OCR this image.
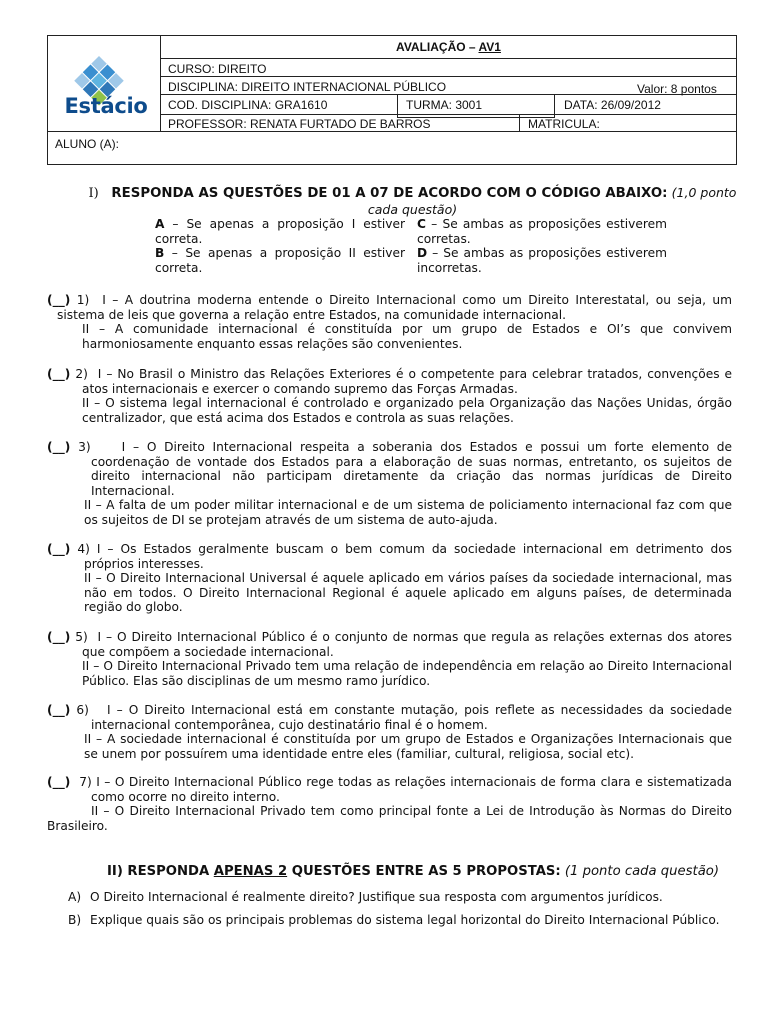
Estácio
AVALIAÇÃO – AV1
CURSO: DIREITO
DISCIPLINA: DIREITO INTERNACIONAL PÚBLICO	Valor: 8 pontos
COD. DISCIPLINA: GRA1610	TURMA: 3001	DATA: 26/09/2012
PROFESSOR: RENATA FURTADO DE BARROS	MATRICULA:
ALUNO (A):
I) RESPONDA AS QUESTÕES DE 01 A 07 DE ACORDO COM O CÓDIGO ABAIXO: (1,0 ponto cada questão)

A – Se apenas a proposição I estiver correta.

B – Se apenas a proposição II estiver correta.

C – Se ambas as proposições estiverem corretas.

D – Se ambas as proposições estiverem incorretas.

(__) 1) I – A doutrina moderna entende o Direito Internacional como um Direito Interestatal, ou seja, um sistema de leis que governa a relação entre Estados, na comunidade internacional.

II – A comunidade internacional é constituída por um grupo de Estados e OI’s que convivem harmoniosamente enquanto essas relações são convenientes.

(__) 2) I – No Brasil o Ministro das Relações Exteriores é o competente para celebrar tratados, convenções e atos internacionais e exercer o comando supremo das Forças Armadas.

II – O sistema legal internacional é controlado e organizado pela Organização das Nações Unidas, órgão centralizador, que está acima dos Estados e controla as suas relações.

(__) 3)	I – O Direito Internacional respeita a soberania dos Estados e possui um forte elemento de coordenação de vontade dos Estados para a elaboração de suas normas, entretanto, os sujeitos de direito internacional não participam diretamente da criação das normas jurídicas de Direito Internacional.

II – A falta de um poder militar internacional e de um sistema de policiamento internacional faz com que os sujeitos de DI se protejam através de um sistema de auto-ajuda.

(__) 4) I – Os Estados geralmente buscam o bem comum da sociedade internacional em detrimento dos próprios interesses.

II – O Direito Internacional Universal é aquele aplicado em vários países da sociedade internacional, mas não em todos. O Direito Internacional Regional é aquele aplicado em alguns países, de determinada região do globo.

(__) 5) I – O Direito Internacional Público é o conjunto de normas que regula as relações externas dos atores que compõem a sociedade internacional.

II – O Direito Internacional Privado tem uma relação de independência em relação ao Direito Internacional Público. Elas são disciplinas de um mesmo ramo jurídico.

(__) 6) I – O Direito Internacional está em constante mutação, pois reflete as necessidades da sociedade internacional contemporânea, cujo destinatário final é o homem.

II – A sociedade internacional é constituída por um grupo de Estados e Organizações Internacionais que se unem por possuírem uma identidade entre eles (familiar, cultural, religiosa, social etc).

(__) 7) I – O Direito Internacional Público rege todas as relações internacionais de forma clara e sistematizada como ocorre no direito interno.

II – O Direito Internacional Privado tem como principal fonte a Lei de Introdução às Normas do Direito Brasileiro.

II) RESPONDA APENAS 2 QUESTÕES ENTRE AS 5 PROPOSTAS: (1 ponto cada questão)
A) O Direito Internacional é realmente direito? Justifique sua resposta com argumentos jurídicos.
B) Explique quais são os principais problemas do sistema legal horizontal do Direito Internacional Público.
